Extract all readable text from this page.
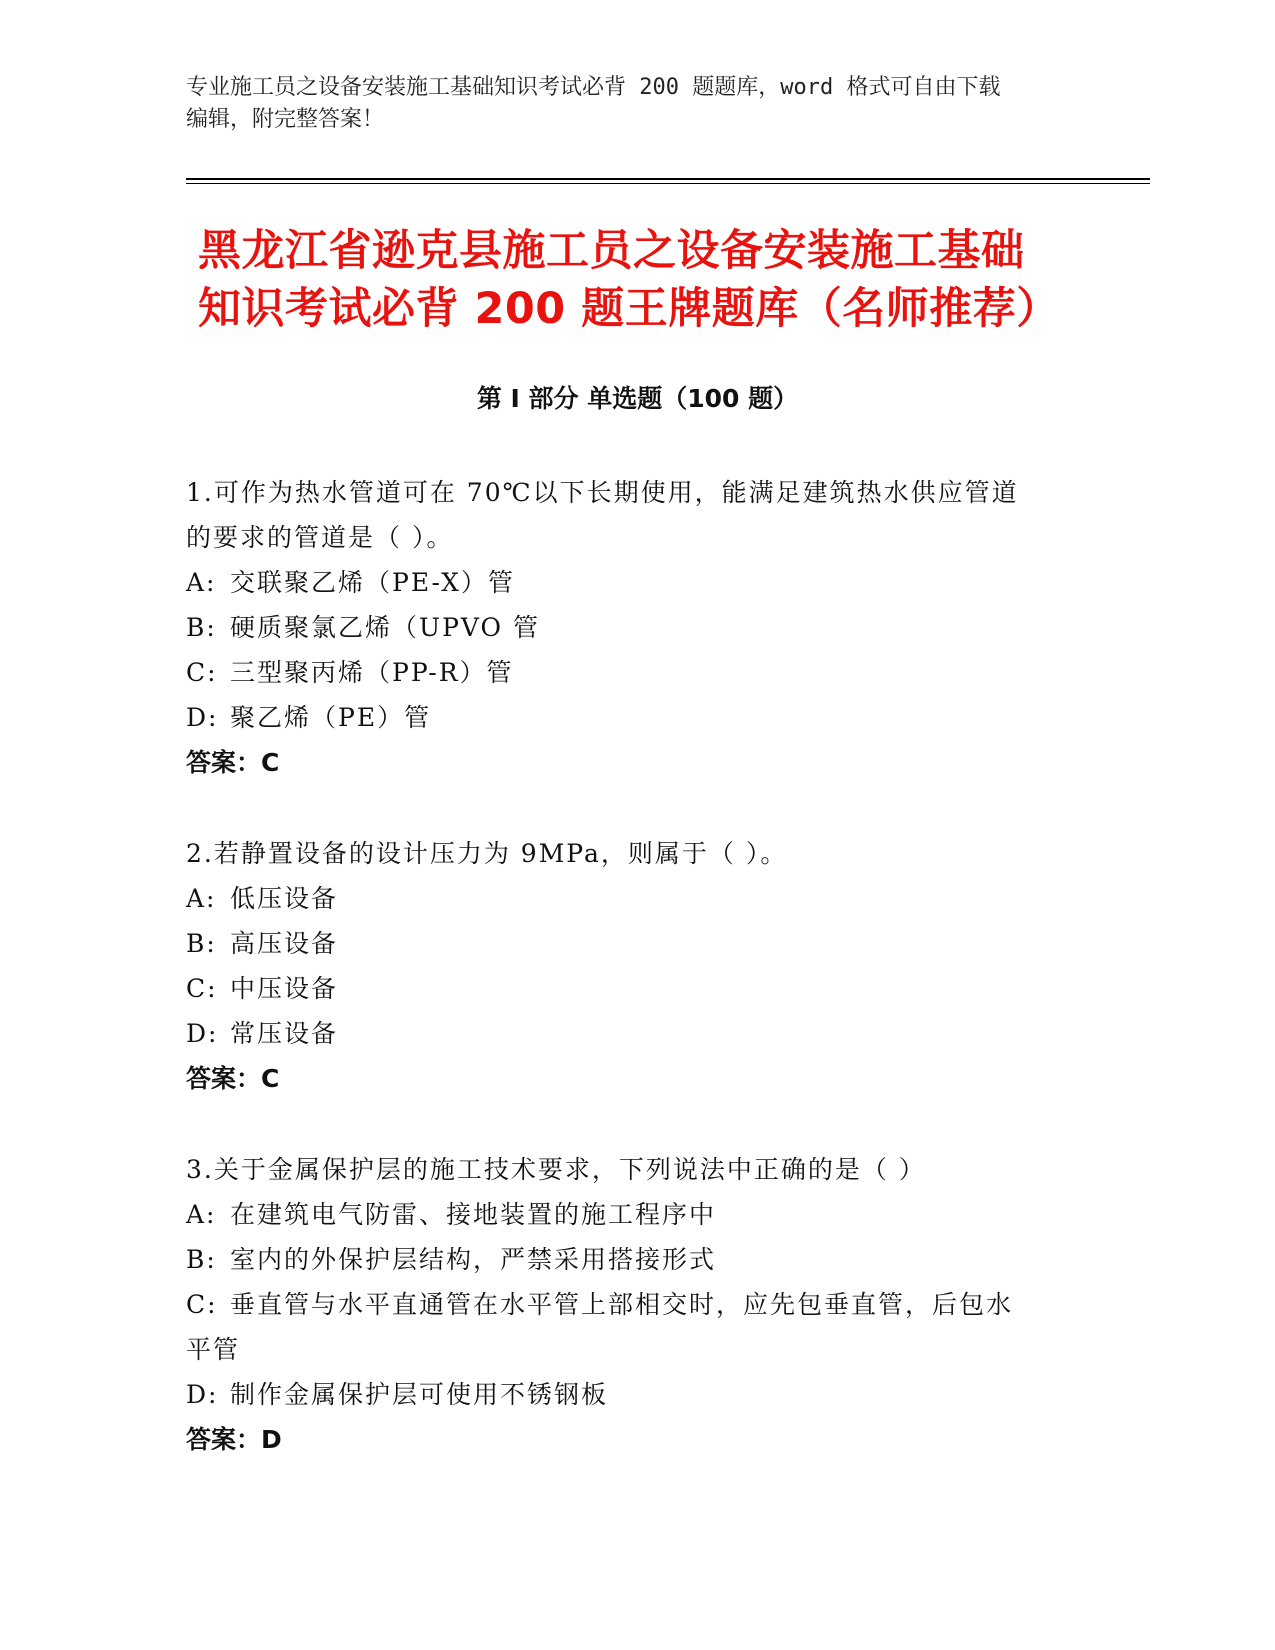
专业施工员之设备安装施工基础知识考试必背 200 题题库，word 格式可自由下载
编辑，附完整答案！
黑龙江省逊克县施工员之设备安装施工基础
知识考试必背 200 题王牌题库（名师推荐）
第 I 部分 单选题（100 题）
1.可作为热水管道可在 70℃以下长期使用，能满足建筑热水供应管道
的要求的管道是（ ）。
A: 交联聚乙烯（PE-X）管
B: 硬质聚氯乙烯（UPVO 管
C: 三型聚丙烯（PP-R）管
D: 聚乙烯（PE）管
答案：C
2.若静置设备的设计压力为 9MPa，则属于（ ）。
A: 低压设备
B: 高压设备
C: 中压设备
D: 常压设备
答案：C
3.关于金属保护层的施工技术要求，下列说法中正确的是（ ）
A: 在建筑电气防雷、接地装置的施工程序中
B: 室内的外保护层结构，严禁采用搭接形式
C: 垂直管与水平直通管在水平管上部相交时，应先包垂直管，后包水
平管
D: 制作金属保护层可使用不锈钢板
答案：D
